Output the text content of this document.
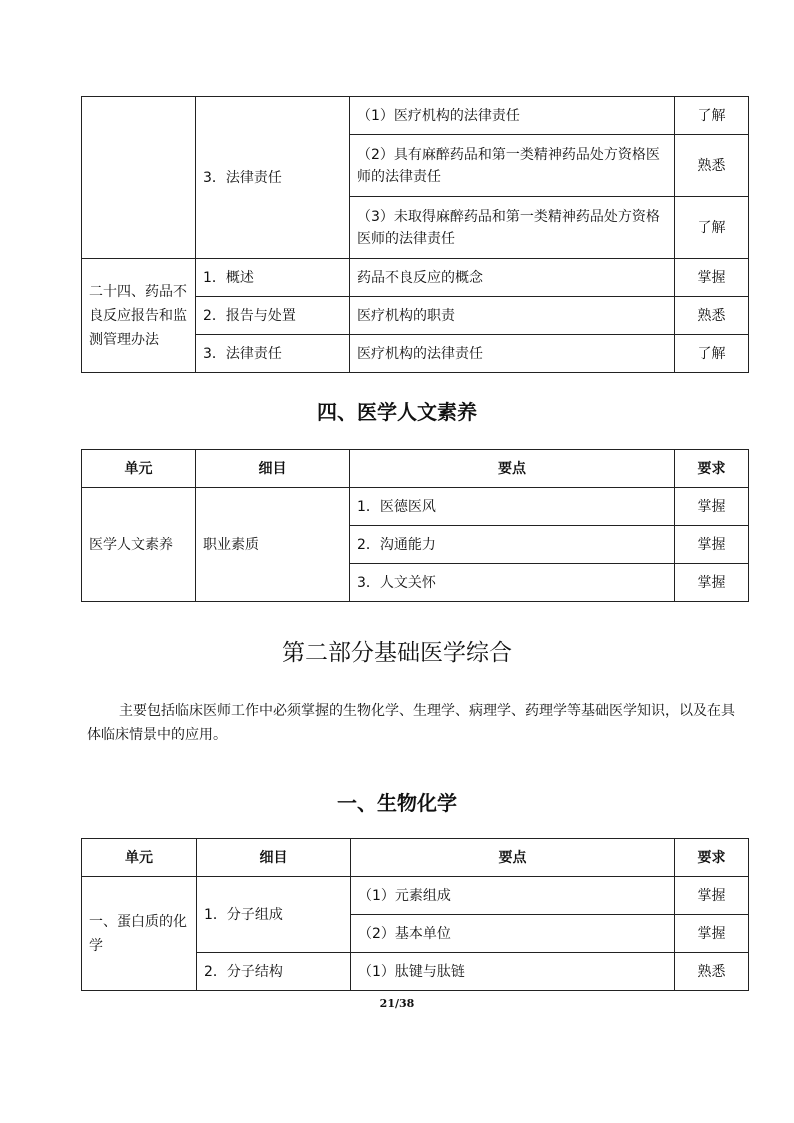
	3．法律责任	（1）医疗机构的法律责任	了解
		（2）具有麻醉药品和第一类精神药品处方资格医师的法律责任	熟悉
		（3）未取得麻醉药品和第一类精神药品处方资格医师的法律责任	了解
二十四、药品不良反应报告和监测管理办法	1．概述	药品不良反应的概念	掌握
	2．报告与处置	医疗机构的职责	熟悉
	3．法律责任	医疗机构的法律责任	了解
四、医学人文素养
单元	细目	要点	要求
医学人文素养	职业素质	1．医德医风	掌握
		2．沟通能力	掌握
		3．人文关怀	掌握
第二部分基础医学综合
主要包括临床医师工作中必须掌握的生物化学、生理学、病理学、药理学等基础医学知识，以及在具体临床情景中的应用。
一、生物化学
单元	细目	要点	要求
一、蛋白质的化学	1．分子组成	（1）元素组成	掌握
		（2）基本单位	掌握
	2．分子结构	（1）肽键与肽链	熟悉
21/38
